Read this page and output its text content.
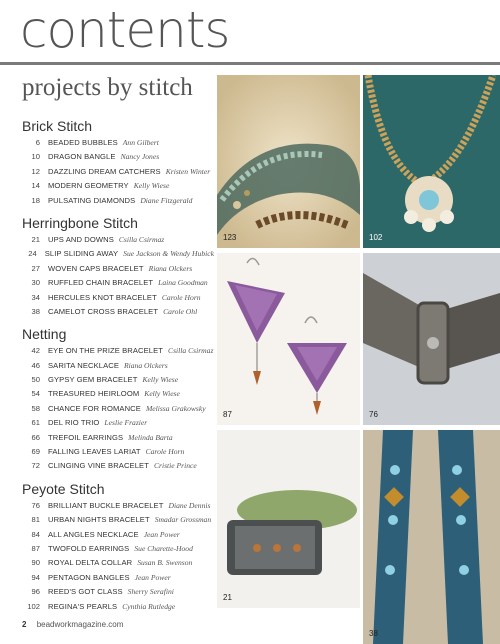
contents
projects by stitch
Brick Stitch
6 BEADED BUBBLES Ann Gilbert
10 DRAGON BANGLE Nancy Jones
12 DAZZLING DREAM CATCHERS Kristen Winter
14 MODERN GEOMETRY Kelly Wiese
18 PULSATING DIAMONDS Diane Fitzgerald
Herringbone Stitch
21 UPS AND DOWNS Csilla Csirmaz
24 SLIP SLIDING AWAY Sue Jackson & Wendy Hubick
27 WOVEN CAPS BRACELET Riana Olckers
30 RUFFLED CHAIN BRACELET Laina Goodman
34 HERCULES KNOT BRACELET Carole Horn
38 CAMELOT CROSS BRACELET Carole Ohl
Netting
42 EYE ON THE PRIZE BRACELET Csilla Csirmaz
46 SARITA NECKLACE Riana Olckers
50 GYPSY GEM BRACELET Kelly Wiese
54 TREASURED HEIRLOOM Kelly Wiese
58 CHANCE FOR ROMANCE Melissa Grakowsky
61 DEL RIO TRIO Leslie Frazier
66 TREFOIL EARRINGS Melinda Barta
69 FALLING LEAVES LARIAT Carole Horn
72 CLINGING VINE BRACELET Cristie Prince
Peyote Stitch
76 BRILLIANT BUCKLE BRACELET Diane Dennis
81 URBAN NIGHTS BRACELET Smadar Grossman
84 ALL ANGLES NECKLACE Jean Power
87 TWOFOLD EARRINGS Sue Charette-Hood
90 ROYAL DELTA COLLAR Susan B. Swenson
94 PENTAGON BANGLES Jean Power
96 REED'S GOT CLASS Sherry Serafini
102 REGINA'S PEARLS Cynthia Rutledge
123	102
87	76
21
38
2 beadworkmagazine.com
